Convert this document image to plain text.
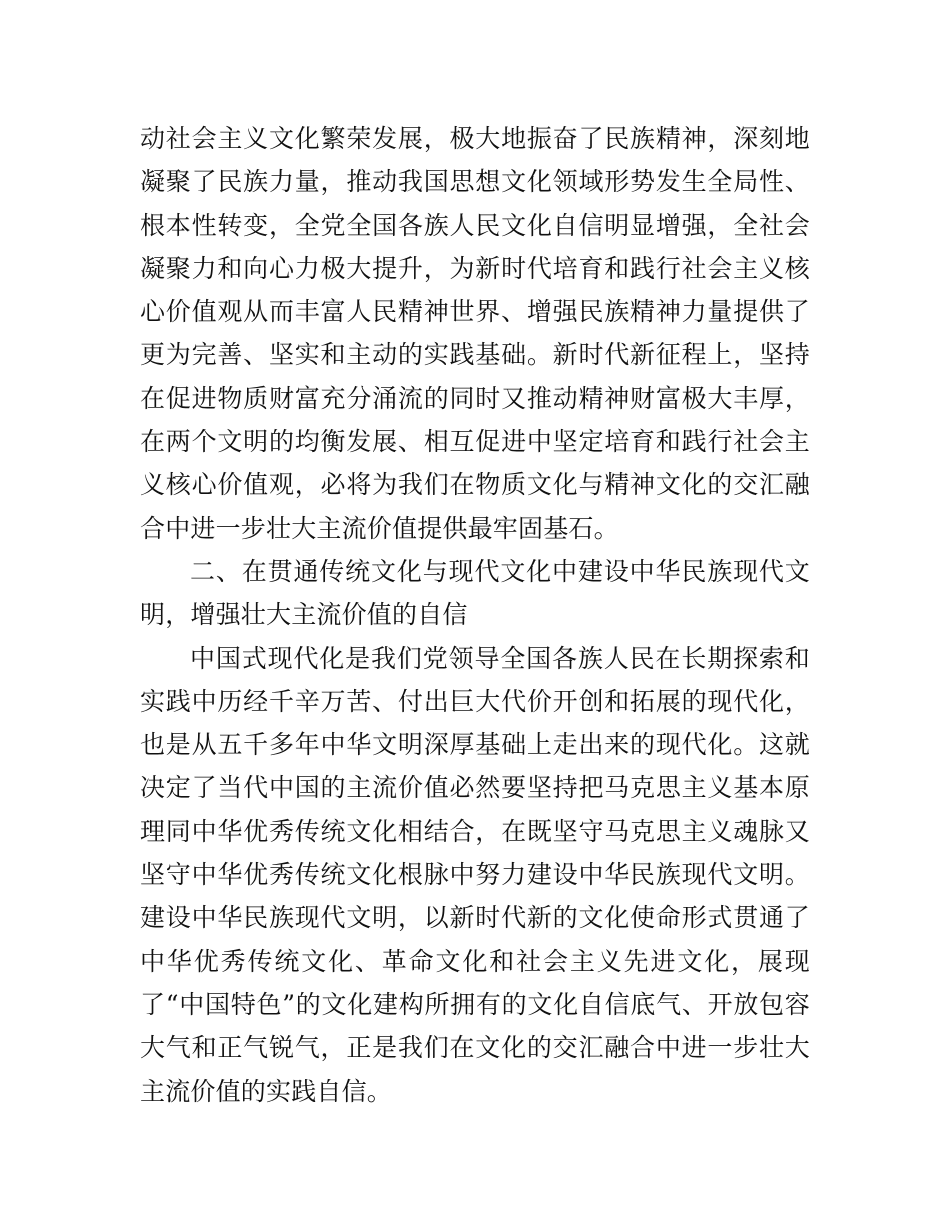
动社会主义文化繁荣发展，极大地振奋了民族精神，深刻地凝聚了民族力量，推动我国思想文化领域形势发生全局性、根本性转变，全党全国各族人民文化自信明显增强，全社会凝聚力和向心力极大提升，为新时代培育和践行社会主义核心价值观从而丰富人民精神世界、增强民族精神力量提供了更为完善、坚实和主动的实践基础。新时代新征程上，坚持在促进物质财富充分涌流的同时又推动精神财富极大丰厚，在两个文明的均衡发展、相互促进中坚定培育和践行社会主义核心价值观，必将为我们在物质文化与精神文化的交汇融合中进一步壮大主流价值提供最牢固基石。

二、在贯通传统文化与现代文化中建设中华民族现代文明，增强壮大主流价值的自信

中国式现代化是我们党领导全国各族人民在长期探索和实践中历经千辛万苦、付出巨大代价开创和拓展的现代化，也是从五千多年中华文明深厚基础上走出来的现代化。这就决定了当代中国的主流价值必然要坚持把马克思主义基本原理同中华优秀传统文化相结合，在既坚守马克思主义魂脉又坚守中华优秀传统文化根脉中努力建设中华民族现代文明。建设中华民族现代文明，以新时代新的文化使命形式贯通了中华优秀传统文化、革命文化和社会主义先进文化，展现了“中国特色”的文化建构所拥有的文化自信底气、开放包容大气和正气锐气，正是我们在文化的交汇融合中进一步壮大主流价值的实践自信。
